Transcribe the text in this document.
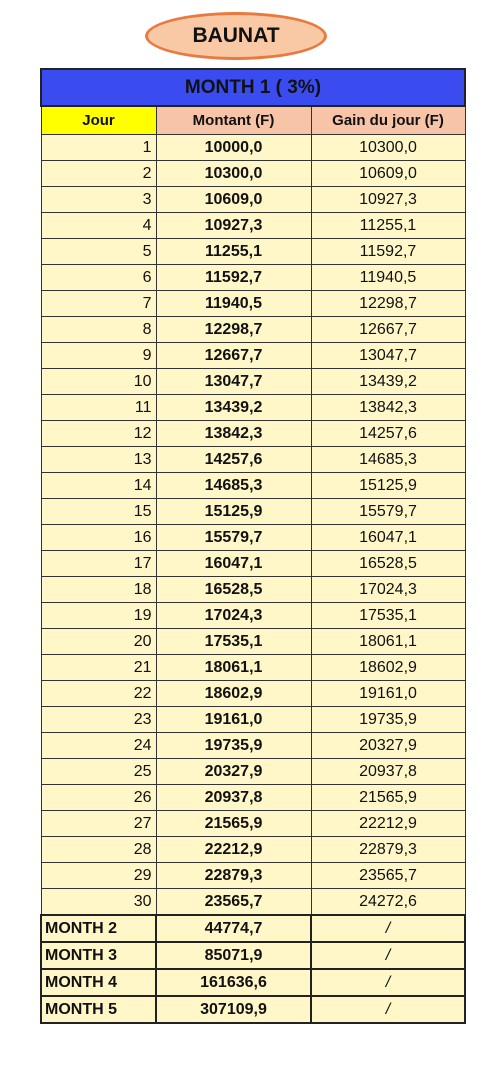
BAUNAT
MONTH 1 ( 3%)		
Jour	Montant (F)	Gain du jour (F)
1	10000,0	10300,0
2	10300,0	10609,0
3	10609,0	10927,3
4	10927,3	11255,1
5	11255,1	11592,7
6	11592,7	11940,5
7	11940,5	12298,7
8	12298,7	12667,7
9	12667,7	13047,7
10	13047,7	13439,2
11	13439,2	13842,3
12	13842,3	14257,6
13	14257,6	14685,3
14	14685,3	15125,9
15	15125,9	15579,7
16	15579,7	16047,1
17	16047,1	16528,5
18	16528,5	17024,3
19	17024,3	17535,1
20	17535,1	18061,1
21	18061,1	18602,9
22	18602,9	19161,0
23	19161,0	19735,9
24	19735,9	20327,9
25	20327,9	20937,8
26	20937,8	21565,9
27	21565,9	22212,9
28	22212,9	22879,3
29	22879,3	23565,7
30	23565,7	24272,6
MONTH 2	44774,7	/
MONTH 3	85071,9	/
MONTH 4	161636,6	/
MONTH 5	307109,9	/
